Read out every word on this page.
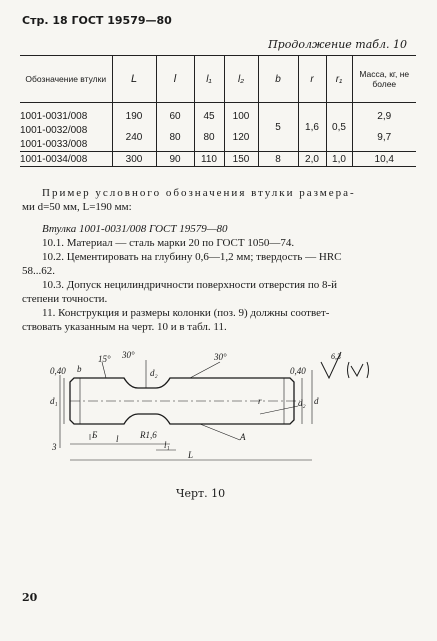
Стр. 18 ГОСТ 19579—80
Продолжение табл. 10
Обозначение втулки	L	l	l₁	l₂	b	r	r₁	Масса, кг, не более
1001-0031/008	190	60	45	100	5	1,6	0,5	2,9
1001-0032/008	240	80	80	120				9,7
1001-0033/008								
1001-0034/008	300	90	110	150	8	2,0	1,0	10,4
Пример условного обозначения втулки размера-
ми d=50 мм, L=190 мм:
Втулка 1001-0031/008 ГОСТ 19579—80
10.1. Материал — сталь марки 20 по ГОСТ 1050—74.
10.2. Цементировать на глубину 0,6—1,2 мм; твердость — HRC
58...62.
10.3. Допуск нецилиндричности поверхности отверстия по 8-й
степени точности.
11. Конструкция и размеры колонки (поз. 9) должны соответ-
ствовать указанным на черт. 10 и в табл. 11.
0,40	0,40
b
15° 30°	30°
d₁
d₂
d₂ d
r
A
Б	R1,6
3
l
l₁
L
6,3
Черт. 10
20
